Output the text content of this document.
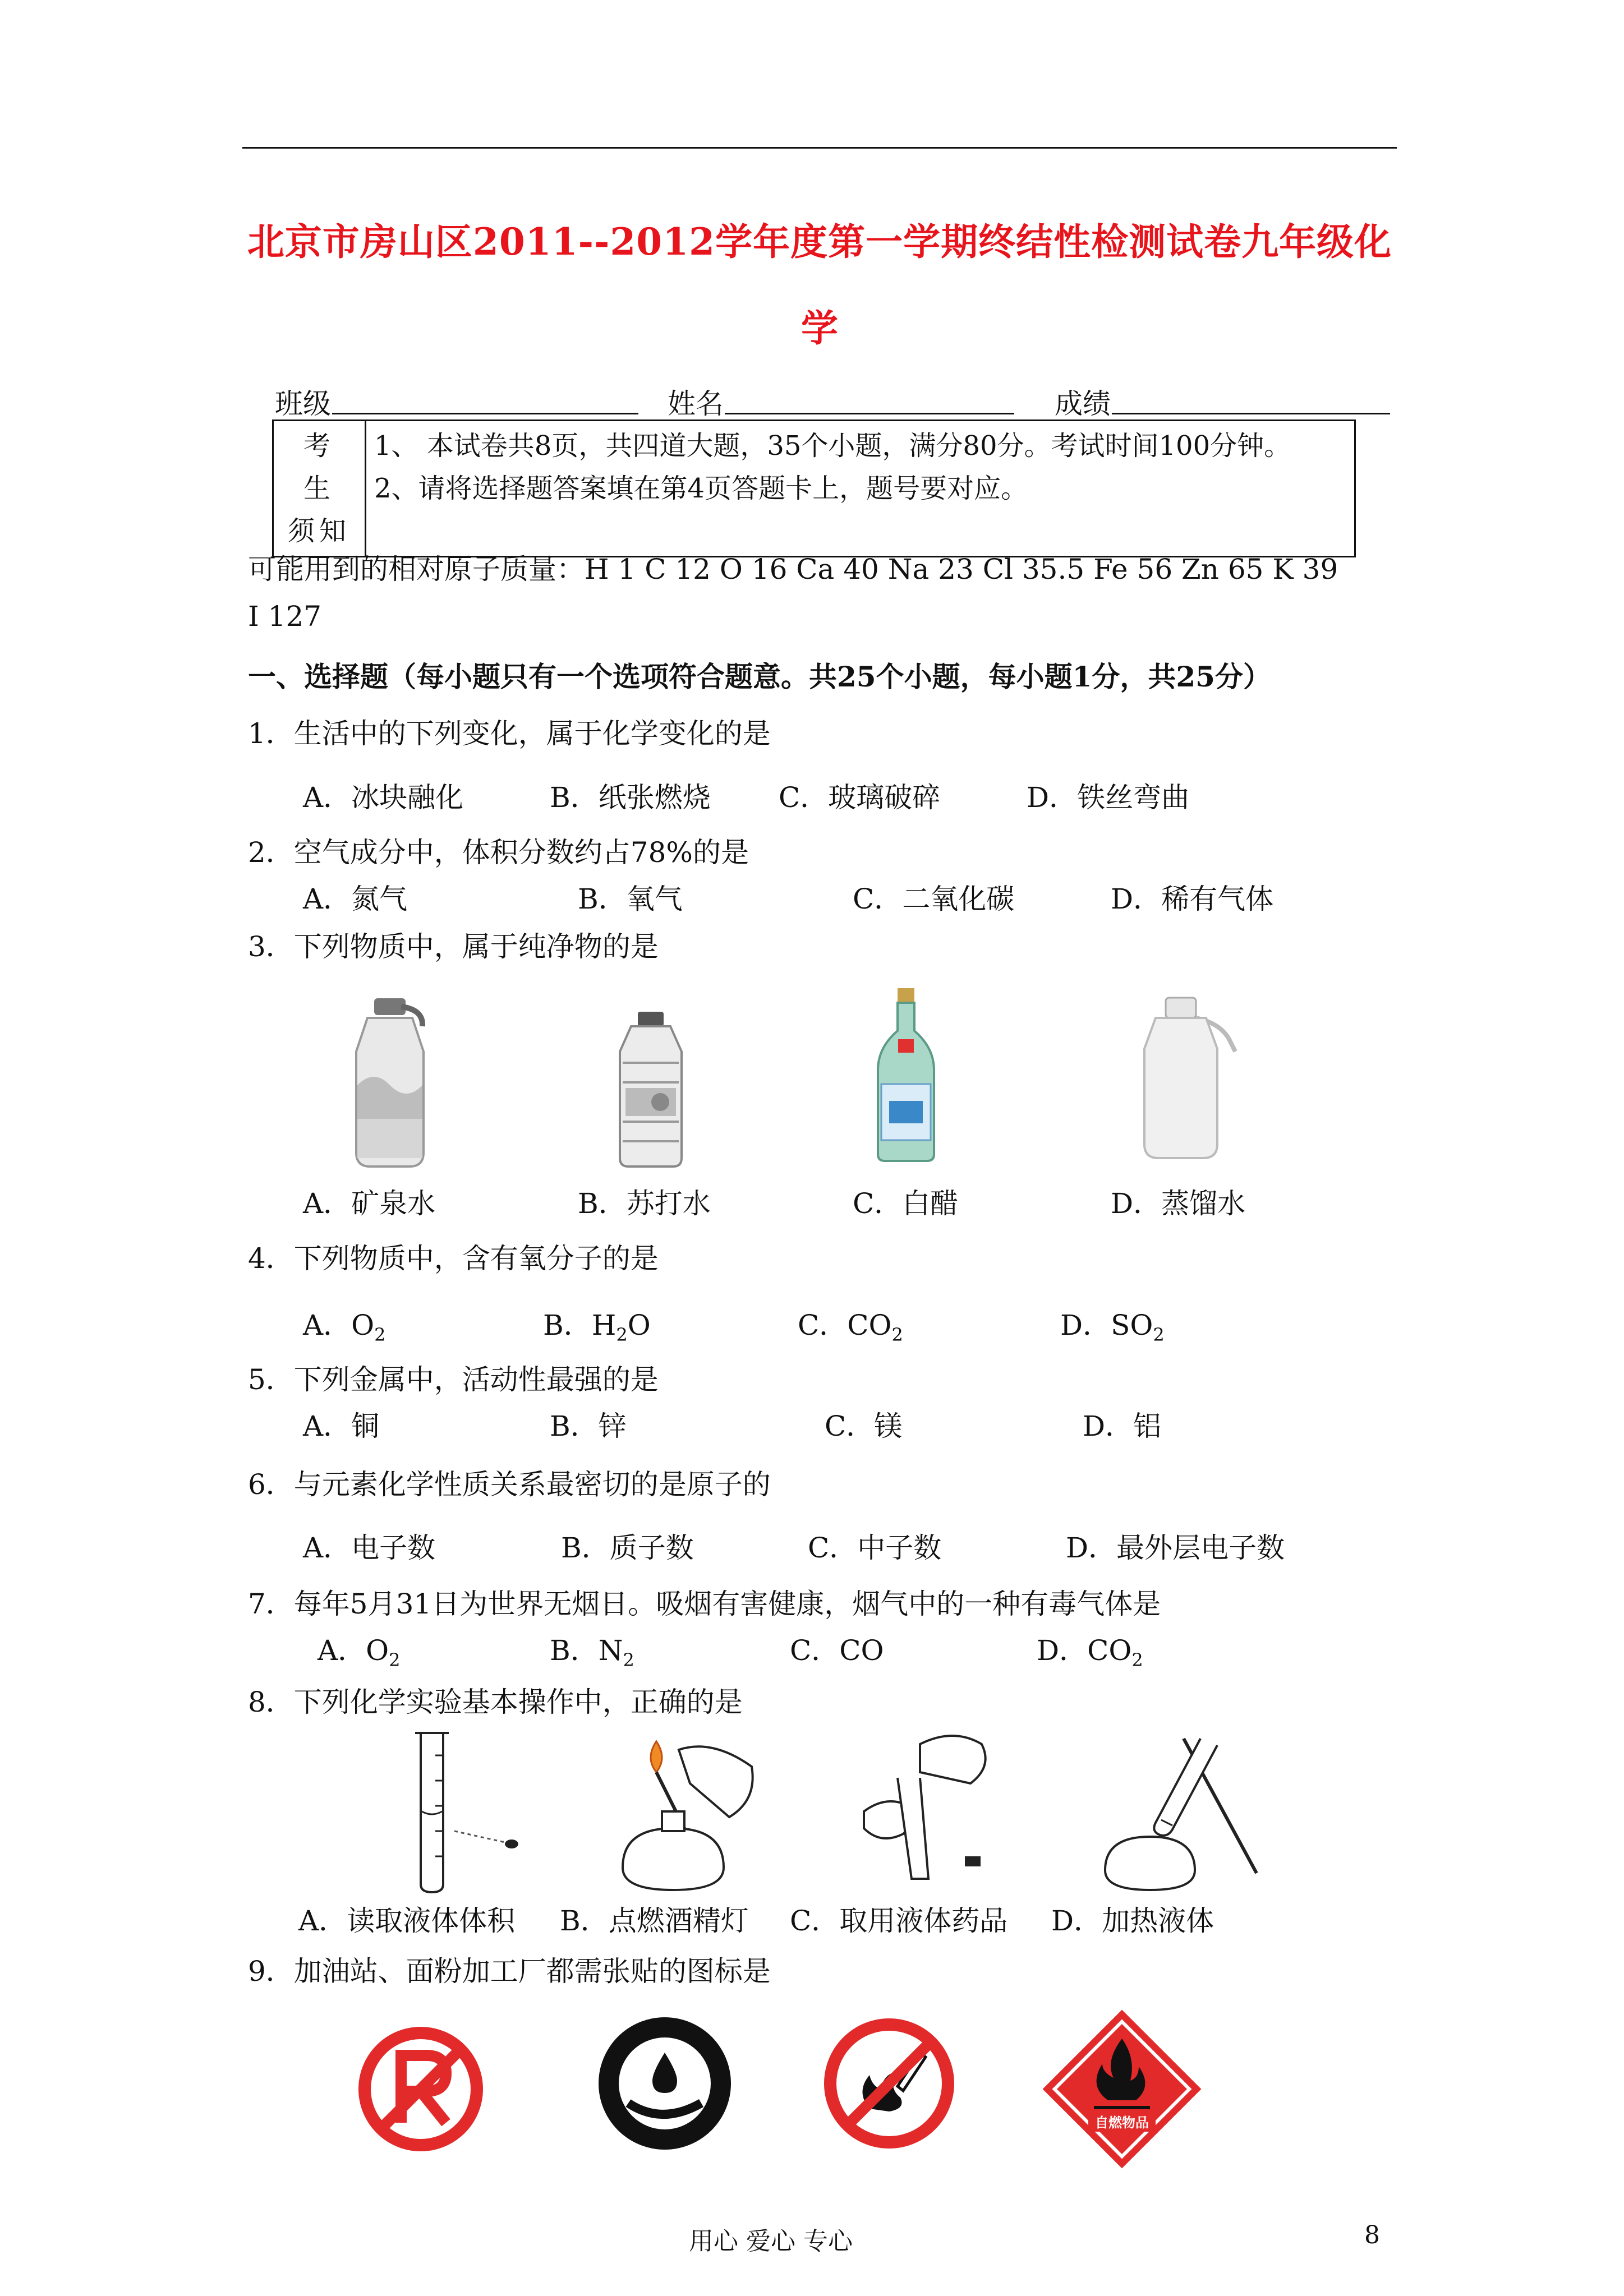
北京市房山区2011--2012学年度第一学期终结性检测试卷九年级化
学
班级	姓名	成绩
考 生
须知

1、 本试卷共8页，共四道大题，35个小题，满分80分。考试时间100分钟。
2、请将选择题答案填在第4页答题卡上，题号要对应。
可能用到的相对原子质量：H 1 C 12 O 16 Ca 40 Na 23 Cl 35.5 Fe 56 Zn 65 K 39
I 127
一、选择题（每小题只有一个选项符合题意。共25个小题，每小题1分，共25分）
1．生活中的下列变化，属于化学变化的是
A．冰块融化	B．纸张燃烧 C．玻璃破碎	D．铁丝弯曲
2．空气成分中，体积分数约占78%的是
A．氮气	B．氧气	C．二氧化碳	D．稀有气体
3．下列物质中，属于纯净物的是
A．矿泉水	B．苏打水	C．白醋	D．蒸馏水
4．下列物质中，含有氧分子的是
A．$O_2$	B．$H_2O$	C．$CO_2$	D．$SO_2$
5．下列金属中，活动性最强的是
A．铜	B．锌	C．镁	D．铝
6．与元素化学性质关系最密切的是原子的
A．电子数	B．质子数	C．中子数	D．最外层电子数
7．每年5月31日为世界无烟日。吸烟有害健康，烟气中的一种有毒气体是
A．$O_2$	B．$N_2$	C．CO	D．$CO_2$
8．下列化学实验基本操作中，正确的是
A．读取液体体积 B．点燃酒精灯 C．取用液体药品 D．加热液体
9．加油站、面粉加工厂都需张贴的图标是
自燃物品
用心 爱心 专心	8
